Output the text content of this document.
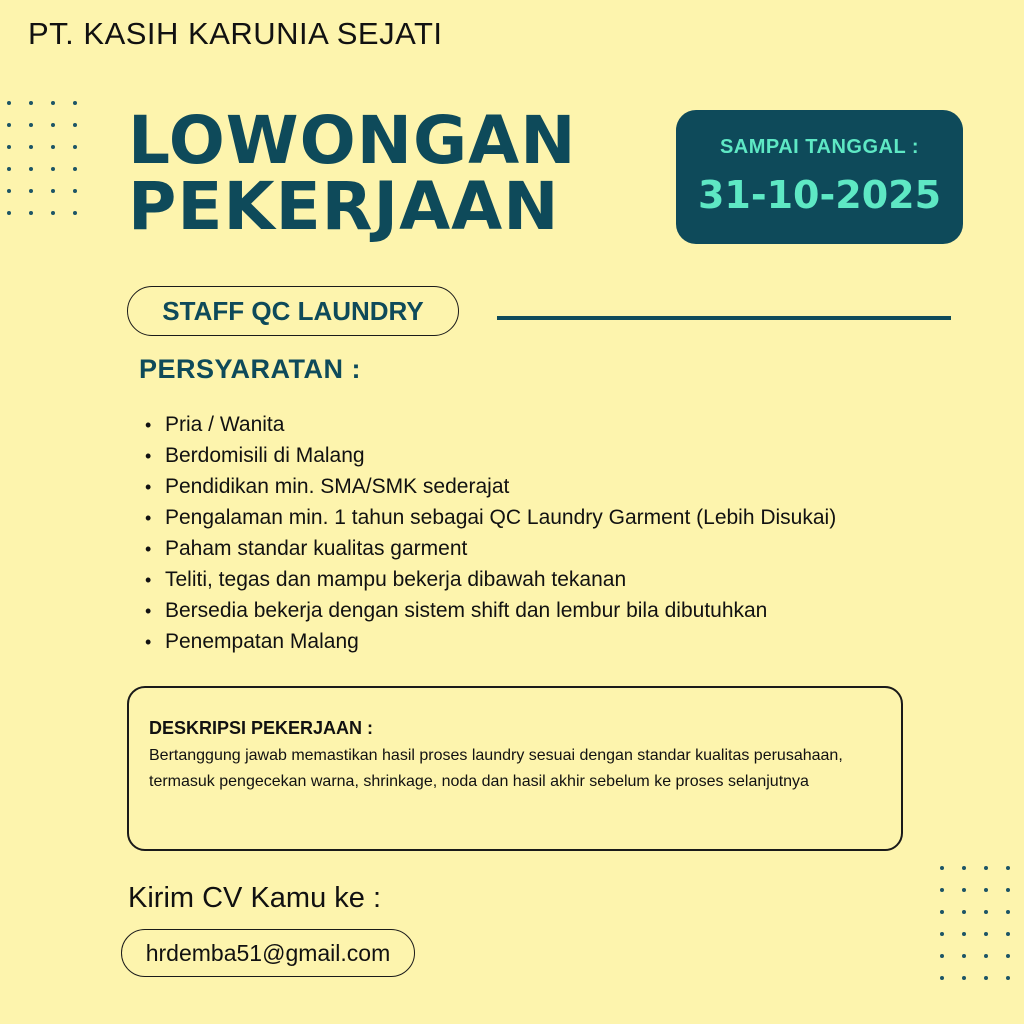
PT. KASIH KARUNIA SEJATI
LOWONGAN
PEKERJAAN
SAMPAI TANGGAL :
31-10-2025
STAFF QC LAUNDRY
PERSYARATAN :
• Pria / Wanita
• Berdomisili di Malang
• Pendidikan min. SMA/SMK sederajat
• Pengalaman min. 1 tahun sebagai QC Laundry Garment (Lebih Disukai)
• Paham standar kualitas garment
• Teliti, tegas dan mampu bekerja dibawah tekanan
• Bersedia bekerja dengan sistem shift dan lembur bila dibutuhkan
• Penempatan Malang
DESKRIPSI PEKERJAAN :
Bertanggung jawab memastikan hasil proses laundry sesuai dengan standar kualitas perusahaan, termasuk pengecekan warna, shrinkage, noda dan hasil akhir sebelum ke proses selanjutnya
Kirim CV Kamu ke :
hrdemba51@gmail.com
